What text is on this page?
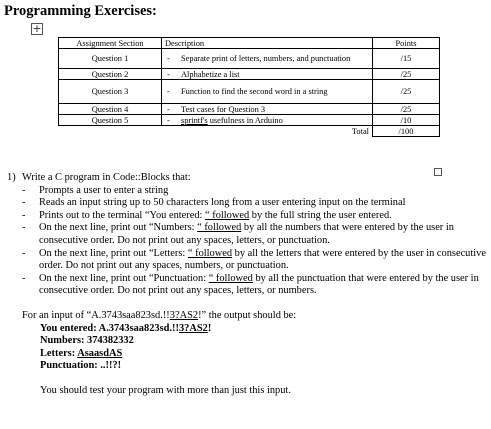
Programming Exercises:
+
Assignment Section	Description	Points
Question 1	- Separate print of letters, numbers, and punctuation	/15
Question 2	- Alphabetize a list	/25
Question 3	- Function to find the second word in a string	/25
Question 4	- Test cases for Question 3	/25
Question 5	- sprintf's usefulness in Arduino	/10
	Total	/100
1) Write a C program in Code::Blocks that:
-	Prompts a user to enter a string
-	Reads an input string up to 50 characters long from a user entering input on the terminal
-	Prints out to the terminal “You entered: “ followed by the full string the user entered.
-	On the next line, print out “Numbers: “ followed by all the numbers that were entered by the user in consecutive order. Do not print out any spaces, letters, or punctuation.
-	On the next line, print out “Letters: “ followed by all the letters that were entered by the user in consecutive order. Do not print out any spaces, numbers, or punctuation.
-	On the next line, print out “Punctuation: “ followed by all the punctuation that were entered by the user in consecutive order. Do not print out any spaces, letters, or numbers.
For an input of “A.3743saa823sd.!!3?AS2!” the output should be:
You entered: A.3743saa823sd.!!3?AS2!
Numbers: 374382332
Letters: AsaasdAS
Punctuation: ..!!?!
You should test your program with more than just this input.
